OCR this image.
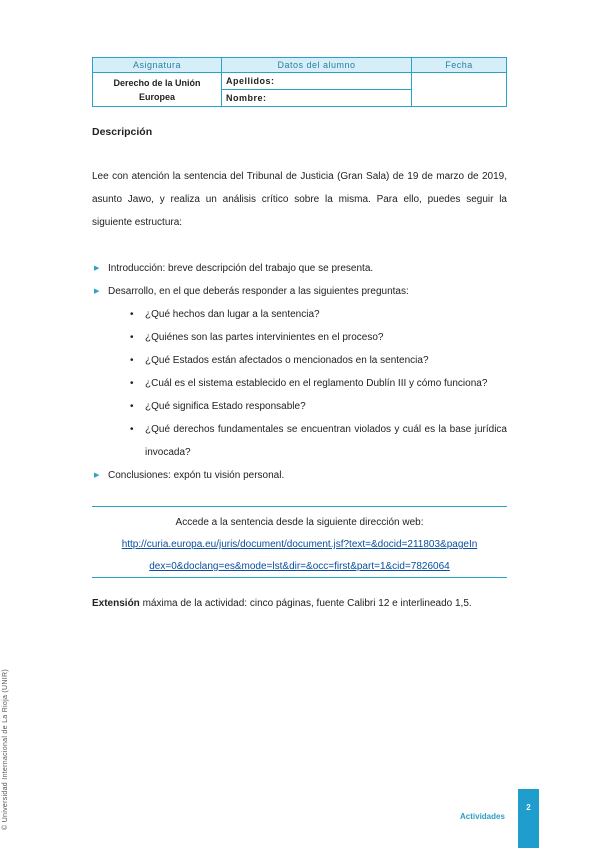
Asignatura	Datos del alumno	Fecha
Derecho de la Unión Europea	Apellidos:	
	Nombre:	
Descripción

Lee con atención la sentencia del Tribunal de Justicia (Gran Sala) de 19 de marzo de 2019, asunto Jawo, y realiza un análisis crítico sobre la misma. Para ello, puedes seguir la siguiente estructura:

▶ Introducción: breve descripción del trabajo que se presenta.
▶ Desarrollo, en el que deberás responder a las siguientes preguntas:
• ¿Qué hechos dan lugar a la sentencia?
• ¿Quiénes son las partes intervinientes en el proceso?
• ¿Qué Estados están afectados o mencionados en la sentencia?
• ¿Cuál es el sistema establecido en el reglamento Dublín III y cómo funciona?
• ¿Qué significa Estado responsable?
• ¿Qué derechos fundamentales se encuentran violados y cuál es la base jurídica invocada?
▶ Conclusiones: expón tu visión personal.
Accede a la sentencia desde la siguiente dirección web:
http://curia.europa.eu/juris/document/document.jsf?text=&docid=211803&pageIn
dex=0&doclang=es&mode=lst&dir=&occ=first&part=1&cid=7826064
Extensión máxima de la actividad: cinco páginas, fuente Calibri 12 e interlineado 1,5.
© Universidad Internacional de La Rioja (UNIR)	Actividades
2
